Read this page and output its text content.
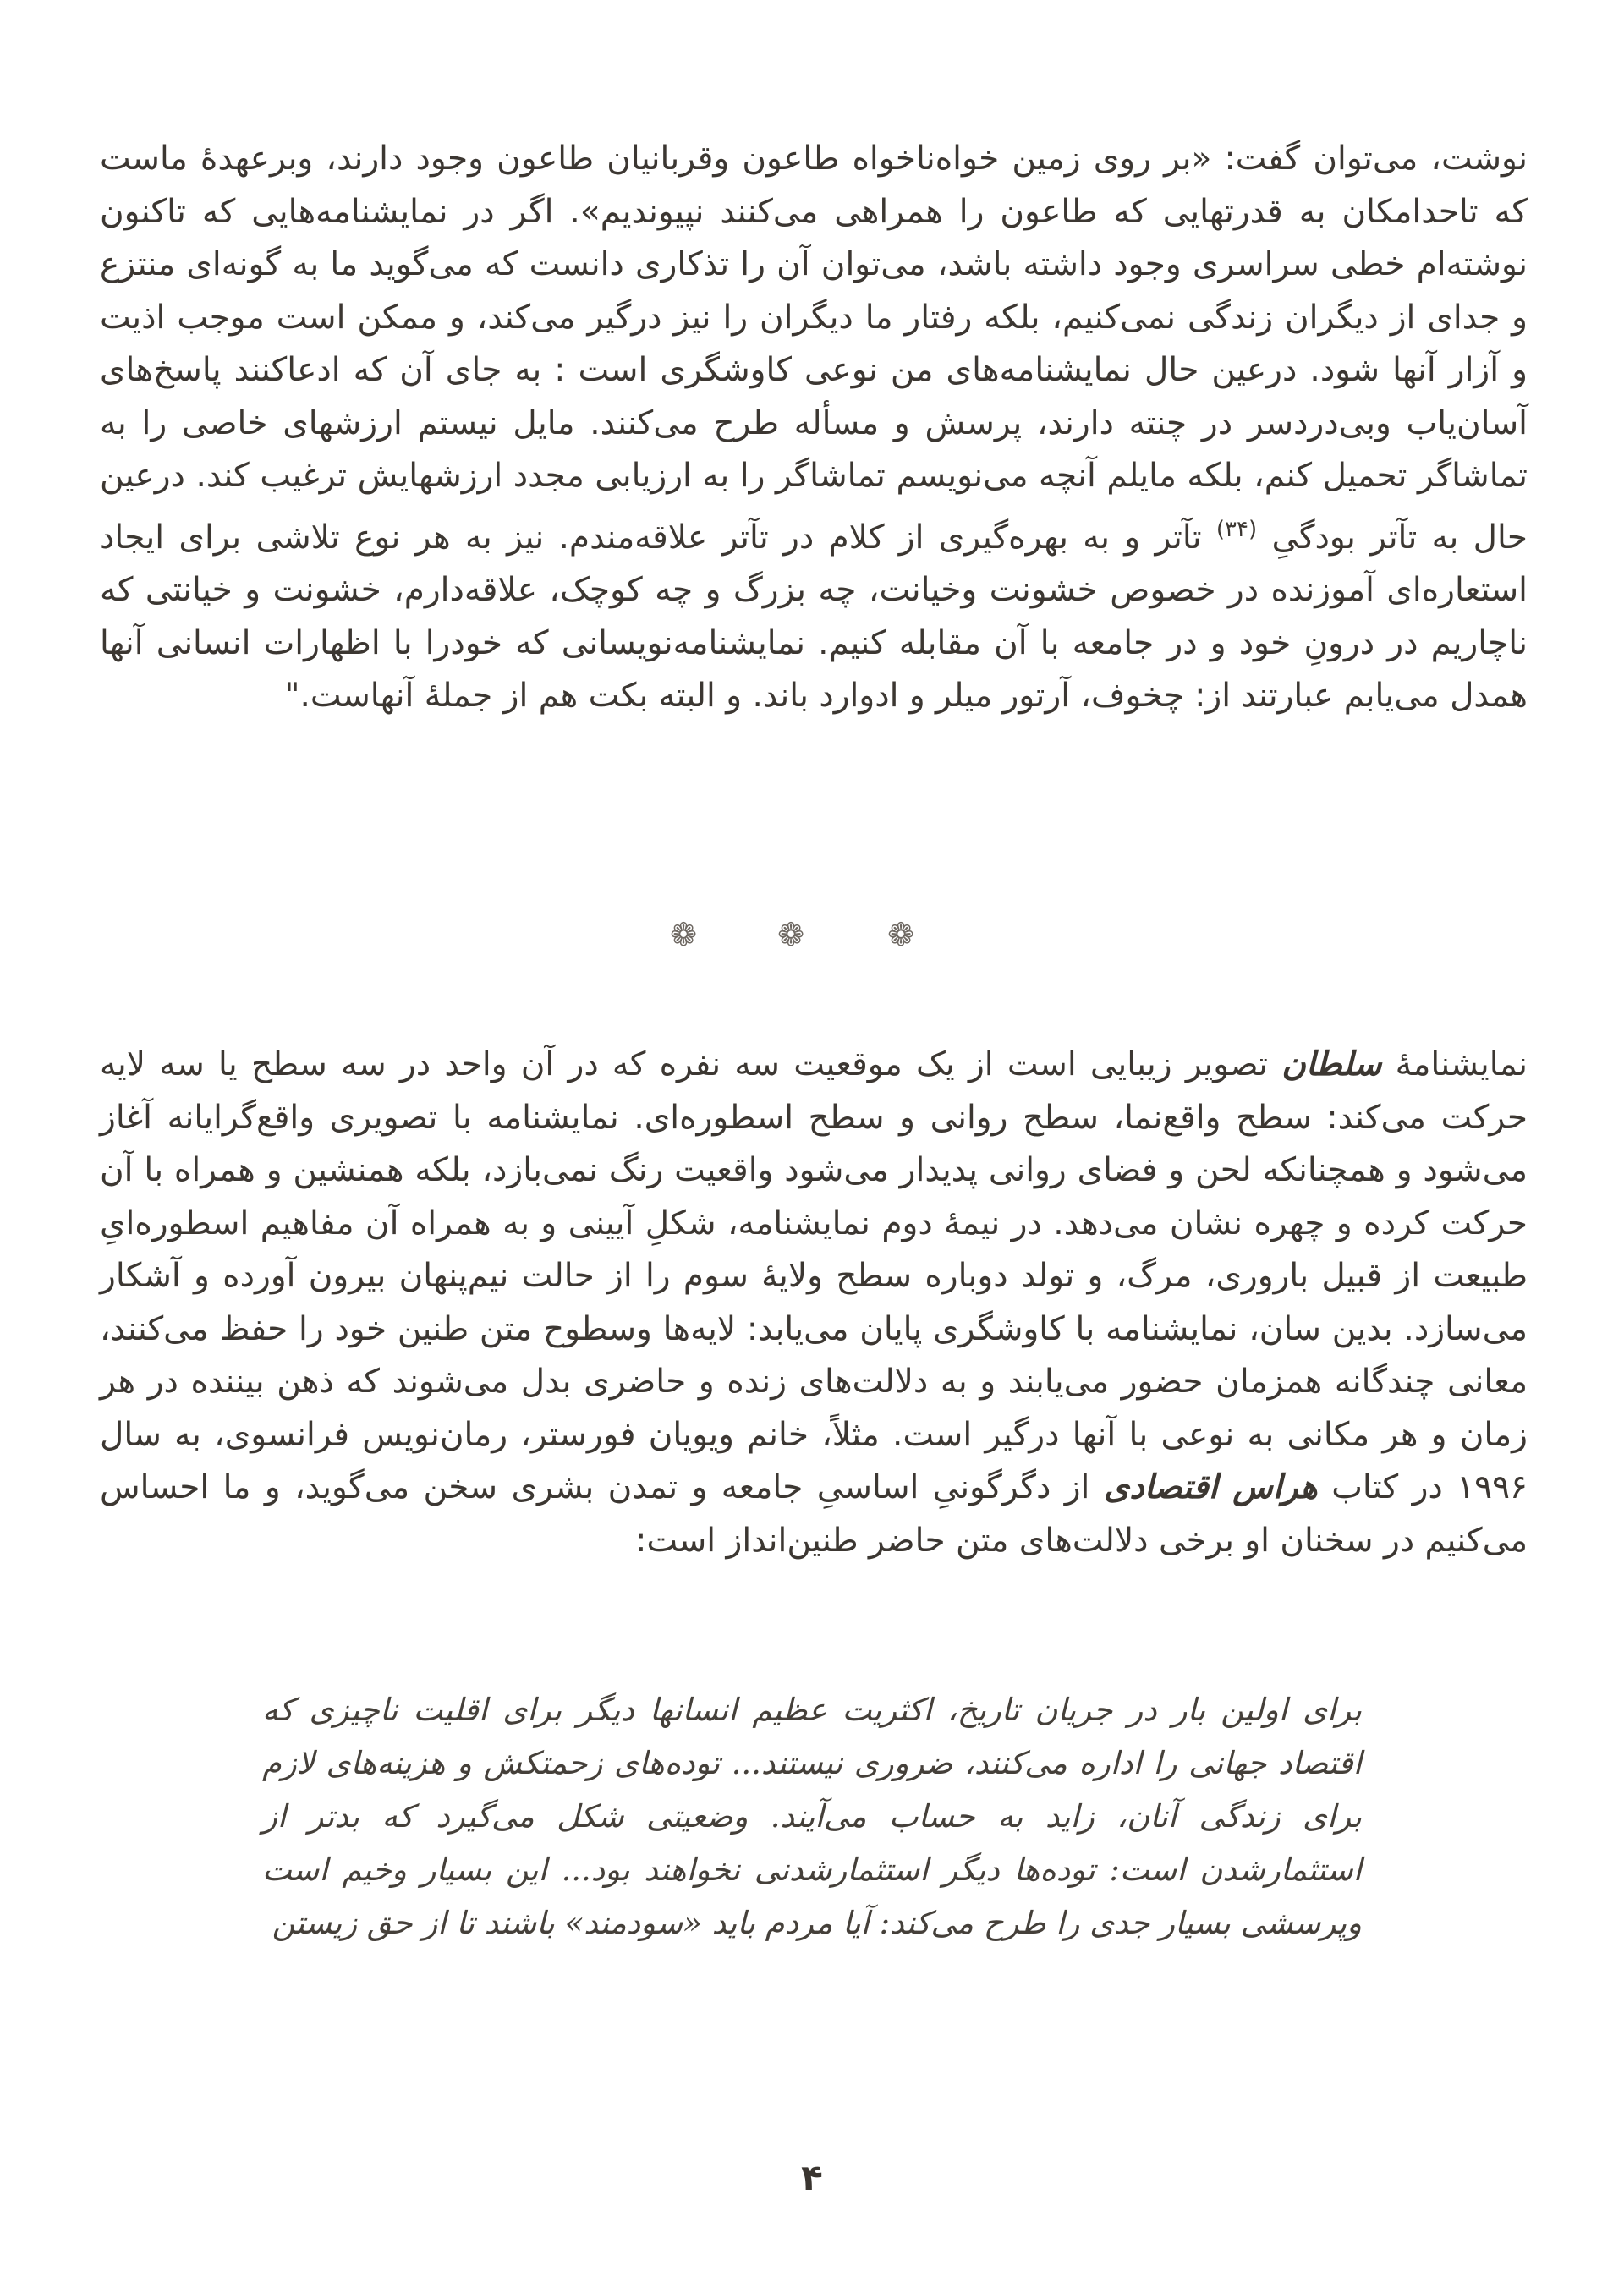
نوشت، می‌توان گفت: «بر روی زمین خواه‌ناخواه طاعون وقربانیان طاعون وجود دارند، وبرعهدهٔ ماست که تاحدامکان به قدرتهایی که طاعون را همراهی می‌کنند نپیوندیم». اگر در نمایشنامه‌هایی که تاکنون نوشته‌ام خطی سراسری وجود داشته باشد، می‌توان آن را تذکاری دانست که می‌گوید ما به گونه‌ای منتزع و جدای از دیگران زندگی نمی‌کنیم، بلکه رفتار ما دیگران را نیز درگیر می‌کند، و ممکن است موجب اذیت و آزار آنها شود. درعین حال نمایشنامه‌های من نوعی کاوشگری است : به جای آن که ادعاکنند پاسخ‌های آسان‌یاب وبی‌دردسر در چنته دارند، پرسش و مسأله طرح می‌کنند. مایل نیستم ارزشهای خاصی را به تماشاگر تحمیل کنم، بلکه مایلم آنچه می‌نویسم تماشاگر را به ارزیابی مجدد ارزشهایش ترغیب کند. درعین حال به تآتر بودگیِ $^{(۳۴)}$ تآتر و به بهره‌گیری از کلام در تآتر علاقه‌مندم. نیز به هر نوع تلاشی برای ایجاد استعاره‌ای آموزنده در خصوص خشونت وخیانت، چه بزرگ و چه کوچک، علاقه‌دارم، خشونت و خیانتی که ناچاریم در درونِ خود و در جامعه با آن مقابله کنیم. نمایشنامه‌نویسانی که خودرا با اظهارات انسانی آنها همدل می‌یابم عبارتند از: چخوف، آرتور میلر و ادوارد باند. و البته بکت هم از جملهٔ آنهاست."

❁	❁	❁

نمایشنامهٔ سلطان تصویر زیبایی است از یک موقعیت سه نفره که در آن واحد در سه سطح یا سه لایه حرکت می‌کند: سطح واقع‌نما، سطح روانی و سطح اسطوره‌ای. نمایشنامه با تصویری واقع‌گرایانه آغاز می‌شود و همچنانکه لحن و فضای روانی پدیدار می‌شود واقعیت رنگ نمی‌بازد، بلکه همنشین و همراه با آن حرکت کرده و چهره نشان می‌دهد. در نیمهٔ دوم نمایشنامه، شکلِ آیینی و به همراه آن مفاهیم اسطوره‌ایِ طبیعت از قبیل باروری، مرگ، و تولد دوباره سطح ولایهٔ سوم را از حالت نیم‌پنهان بیرون آورده و آشکار می‌سازد. بدین سان، نمایشنامه با کاوشگری پایان می‌یابد: لایه‌ها وسطوح متن طنین خود را حفظ می‌کنند، معانی چندگانه همزمان حضور می‌یابند و به دلالت‌های زنده و حاضری بدل می‌شوند که ذهن بیننده در هر زمان و هر مکانی به نوعی با آنها درگیر است. مثلاً، خانم ویویان فورستر، رمان‌نویس فرانسوی، به سال ۱۹۹۶ در کتاب هراس اقتصادی از دگرگونیِ اساسیِ جامعه و تمدن بشری سخن می‌گوید، و ما احساس می‌کنیم در سخنان او برخی دلالت‌های متن حاضر طنین‌انداز است:

برای اولین بار در جریان تاریخ، اکثریت عظیم انسانها دیگر برای اقلیت ناچیزی که اقتصاد جهانی را اداره می‌کنند، ضروری نیستند... توده‌های زحمتکش و هزینه‌های لازم برای زندگی آنان، زاید به حساب می‌آیند. وضعیتی شکل می‌گیرد که بدتر از استثمارشدن است: توده‌ها دیگر استثمارشدنی نخواهند بود... این بسیار وخیم است وپرسشی بسیار جدی را طرح می‌کند: آیا مردم باید «سودمند» باشند تا از حق زیستن

۴
